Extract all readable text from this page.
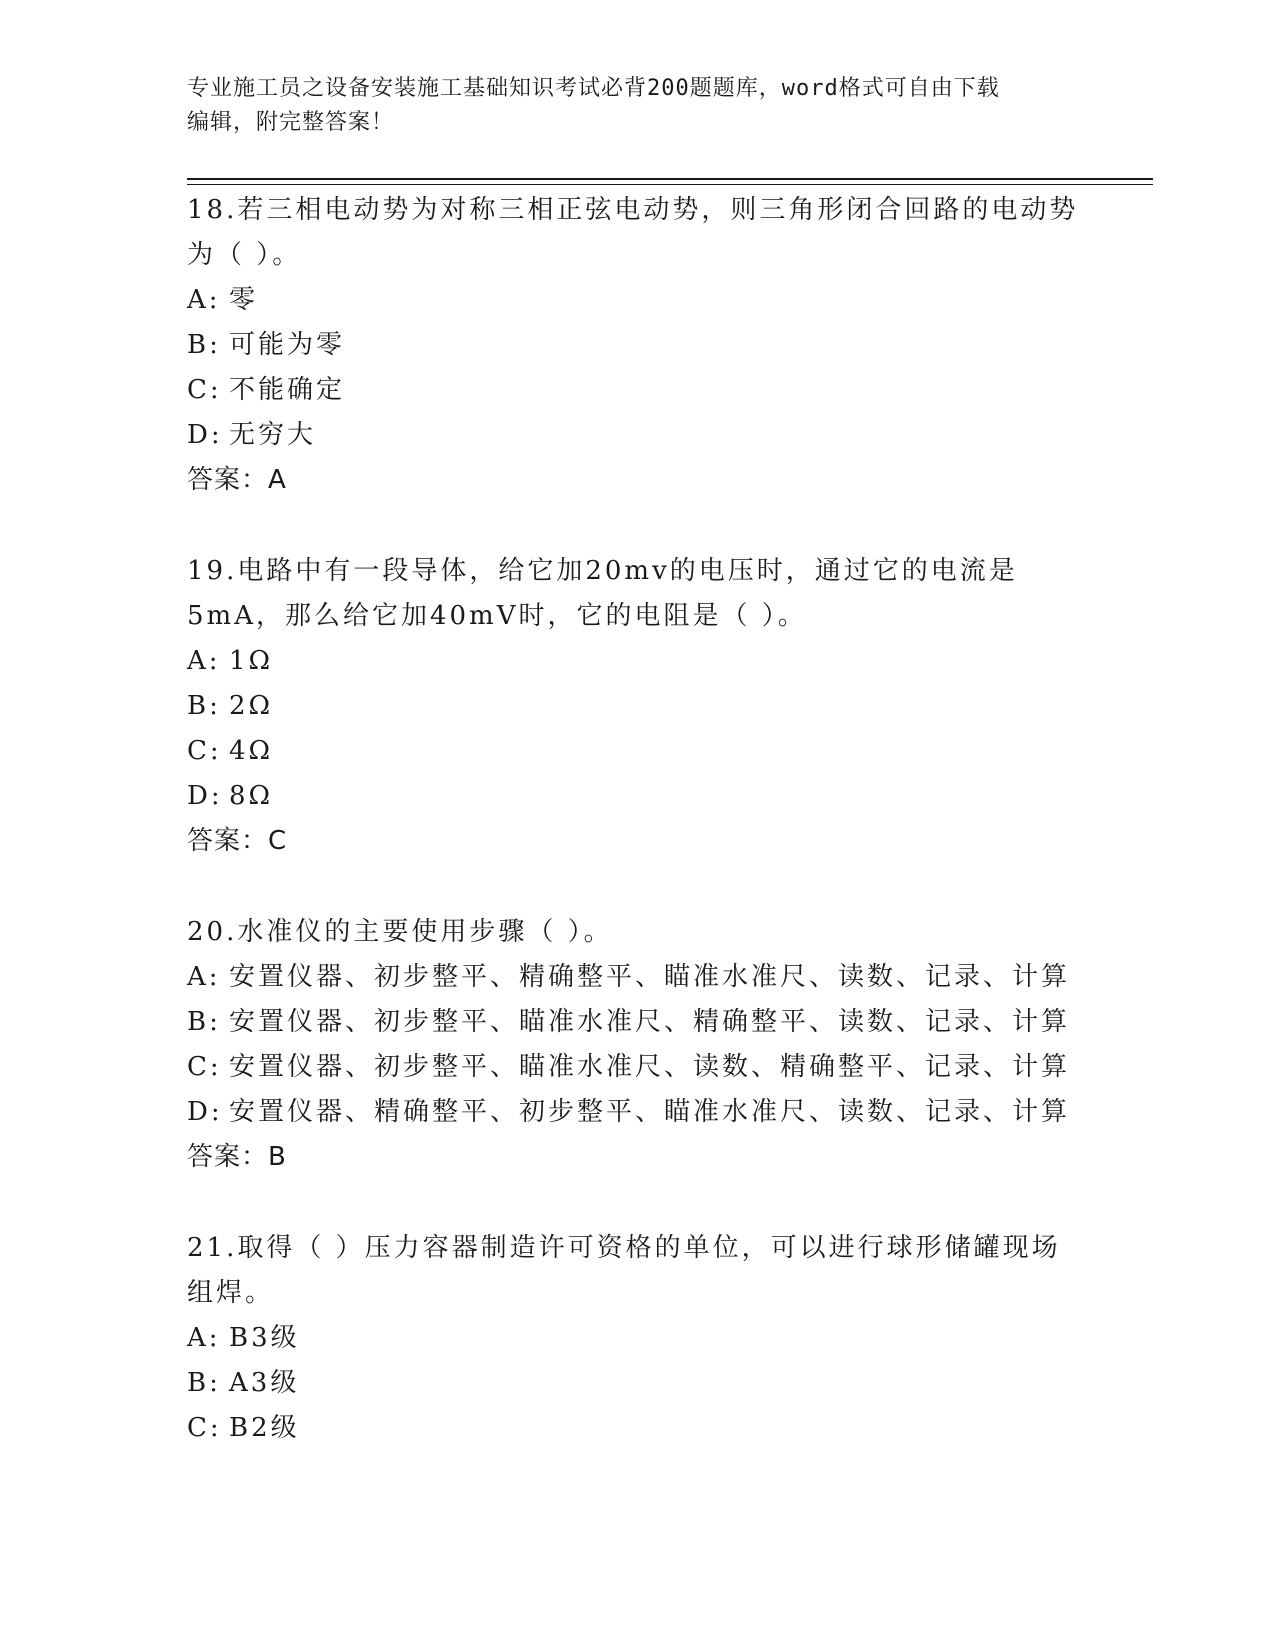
专业施工员之设备安装施工基础知识考试必背200题题库，word格式可自由下载
编辑，附完整答案！

18.若三相电动势为对称三相正弦电动势，则三角形闭合回路的电动势为（ ）。

A: 零
B: 可能为零
C: 不能确定
D: 无穷大
答案：A

19.电路中有一段导体，给它加20mv的电压时，通过它的电流是5mA，那么给它加40mV时，它的电阻是（ ）。

A: 1Ω
B: 2Ω
C: 4Ω
D: 8Ω
答案：C

20.水准仪的主要使用步骤（ ）。

A: 安置仪器、初步整平、精确整平、瞄准水准尺、读数、记录、计算
B: 安置仪器、初步整平、瞄准水准尺、精确整平、读数、记录、计算
C: 安置仪器、初步整平、瞄准水准尺、读数、精确整平、记录、计算
D: 安置仪器、精确整平、初步整平、瞄准水准尺、读数、记录、计算
答案：B

21.取得（ ）压力容器制造许可资格的单位，可以进行球形储罐现场组焊。

A: B3级
B: A3级
C: B2级
